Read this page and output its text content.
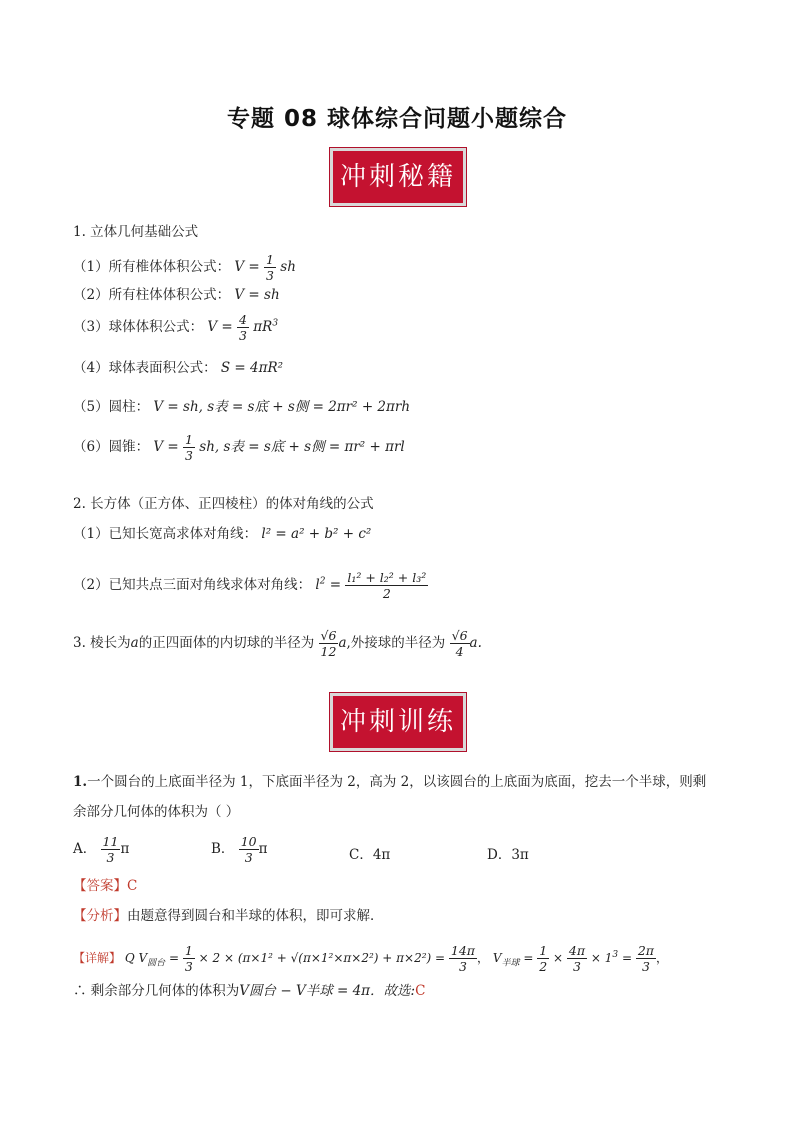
专题 08 球体综合问题小题综合
冲刺秘籍
1. 立体几何基础公式
（1）所有椎体体积公式： $V = \frac{1}{3}$ sh
（2）所有柱体体积公式： V = sh
（3）球体体积公式： $V = \frac{4}{3} \pi R^3$
（4）球体表面积公式： S = 4πR²
（5）圆柱： V = sh, s表 = s底 + s侧 = 2πr² + 2πrh
（6）圆锥： $V = \frac{1}{3}$ sh, s表 = s底 + s侧 = πr² + πrl
2. 长方体（正方体、正四棱柱）的体对角线的公式
（1）已知长宽高求体对角线： l² = a² + b² + c²
（2）已知共点三面对角线求体对角线： $l^2 = \frac{\text{l₁² + l₂² + l₃²}}{2}$
3. 棱长为a的正四面体的内切球的半径为 $\frac{√6}{12} a$,外接球的半径为 $\frac{√6}{4} a$.
冲刺训练
1.一个圆台的上底面半径为 1，下底面半径为 2，高为 2，以该圆台的上底面为底面，挖去一个半球，则剩
余部分几何体的体积为（ ）
A． $\frac{11}{3}$ π	B． $\frac{10}{3}$ π	C．4π	D．3π
【答案】C
【分析】由题意得到圆台和半球的体积，即可求解．
【详解】 Q $V_{圆台} = \frac{1}{3} \times 2 \times (\pi\times 1^2 + √(\pi\times 1^2\times\pi\times 2^2) + \pi\times 2^2) = \frac{14\pi}{3}$ ， $V_{半球} = \frac{1}{2} \times \frac{4\pi}{3} \times 1^3 = \frac{2\pi}{3}$ ，
∴ 剩余部分几何体的体积为V圆台 − V半球 = 4π．故选:C
